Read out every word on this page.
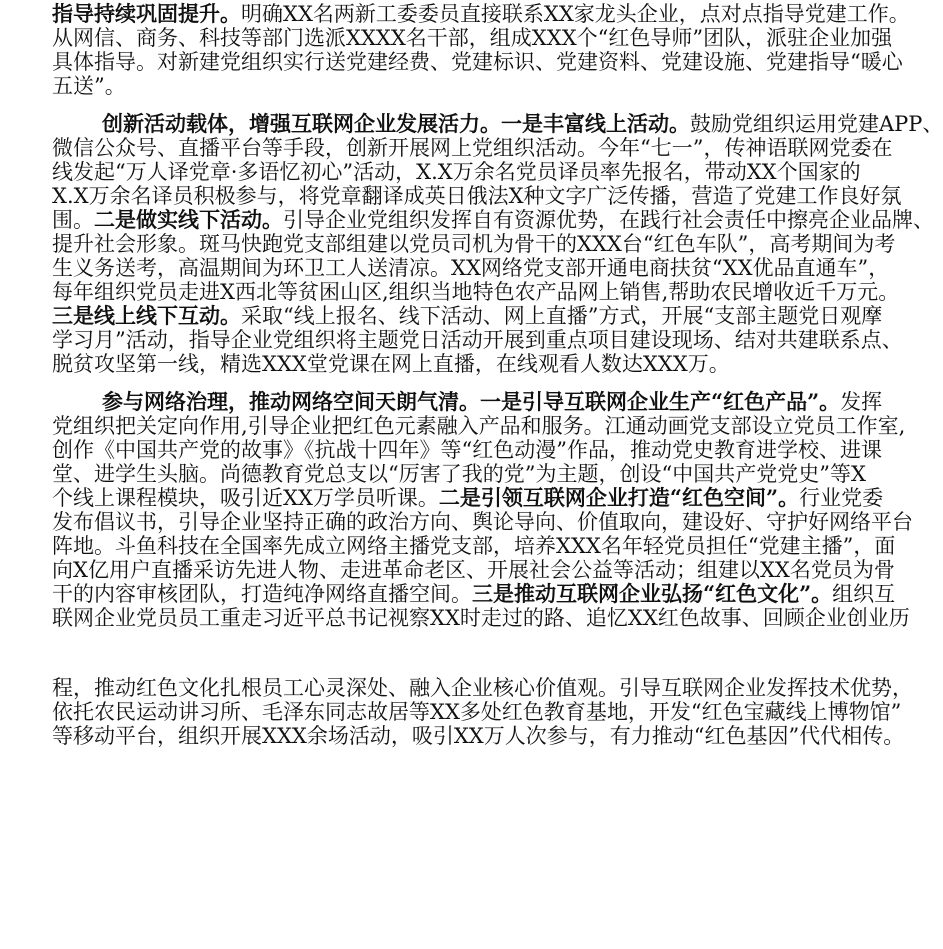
指导持续巩固提升。明确XX名两新工委委员直接联系XX家龙头企业，点对点指导党建工作。
从网信、商务、科技等部门选派XXXX名干部，组成XXX个“红色导师”团队，派驻企业加强
具体指导。对新建党组织实行送党建经费、党建标识、党建资料、党建设施、党建指导“暖心
五送”。
创新活动载体，增强互联网企业发展活力。一是丰富线上活动。鼓励党组织运用党建APP、
微信公众号、直播平台等手段，创新开展网上党组织活动。今年“七一”，传神语联网党委在
线发起“万人译党章·多语忆初心”活动，X.X万余名党员译员率先报名，带动XX个国家的
X.X万余名译员积极参与，将党章翻译成英日俄法X种文字广泛传播，营造了党建工作良好氛
围。二是做实线下活动。引导企业党组织发挥自有资源优势，在践行社会责任中擦亮企业品牌、
提升社会形象。斑马快跑党支部组建以党员司机为骨干的XXX台“红色车队”，高考期间为考
生义务送考，高温期间为环卫工人送清凉。XX网络党支部开通电商扶贫“XX优品直通车”，
每年组织党员走进X西北等贫困山区,组织当地特色农产品网上销售,帮助农民增收近千万元。
三是线上线下互动。采取“线上报名、线下活动、网上直播”方式，开展“支部主题党日观摩
学习月”活动，指导企业党组织将主题党日活动开展到重点项目建设现场、结对共建联系点、
脱贫攻坚第一线，精选XXX堂党课在网上直播，在线观看人数达XXX万。
参与网络治理，推动网络空间天朗气清。一是引导互联网企业生产“红色产品”。发挥
党组织把关定向作用,引导企业把红色元素融入产品和服务。江通动画党支部设立党员工作室,
创作《中国共产党的故事》《抗战十四年》等“红色动漫”作品，推动党史教育进学校、进课
堂、进学生头脑。尚德教育党总支以“厉害了我的党”为主题，创设“中国共产党党史”等X
个线上课程模块，吸引近XX万学员听课。二是引领互联网企业打造“红色空间”。行业党委
发布倡议书，引导企业坚持正确的政治方向、舆论导向、价值取向，建设好、守护好网络平台
阵地。斗鱼科技在全国率先成立网络主播党支部，培养XXX名年轻党员担任“党建主播”，面
向X亿用户直播采访先进人物、走进革命老区、开展社会公益等活动；组建以XX名党员为骨
干的内容审核团队，打造纯净网络直播空间。三是推动互联网企业弘扬“红色文化”。组织互
联网企业党员员工重走习近平总书记视察XX时走过的路、追忆XX红色故事、回顾企业创业历
程，推动红色文化扎根员工心灵深处、融入企业核心价值观。引导互联网企业发挥技术优势，
依托农民运动讲习所、毛泽东同志故居等XX多处红色教育基地，开发“红色宝藏线上博物馆”
等移动平台，组织开展XXX余场活动，吸引XX万人次参与，有力推动“红色基因”代代相传。
